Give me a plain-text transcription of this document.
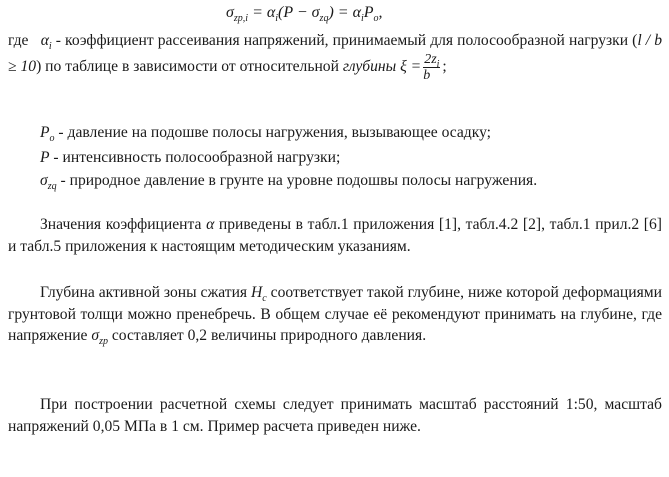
$\sigma_{zp,i} = \alpha_i(P - \sigma_{zq}) = \alpha_iP_o$,
где $\alpha_i$ - коэффициент рассеивания напряжений, принимаемый для полосообразной нагрузки (l / b ≥ 10) по таблице в зависимости от относительной глубины $\xi = \frac{2z_i}{b}$ ;
$P_o$ - давление на подошве полосы нагружения, вызывающее осадку;
P - интенсивность полосообразной нагрузки;
$\sigma_{zq}$ - природное давление в грунте на уровне подошвы полосы нагружения.
Значения коэффициента α приведены в табл.1 приложения [1], табл.4.2 [2], табл.1 прил.2 [6] и табл.5 приложения к настоящим методическим указаниям.
Глубина активной зоны сжатия $H_c$ соответствует такой глубине, ниже которой деформациями грунтовой толщи можно пренебречь. В общем случае её рекомендуют принимать на глубине, где напряжение $\sigma_{zp}$ составляет 0,2 величины природного давления.
При построении расчетной схемы следует принимать масштаб расстояний 1:50, масштаб напряжений 0,05 МПа в 1 см. Пример расчета приведен ниже.
